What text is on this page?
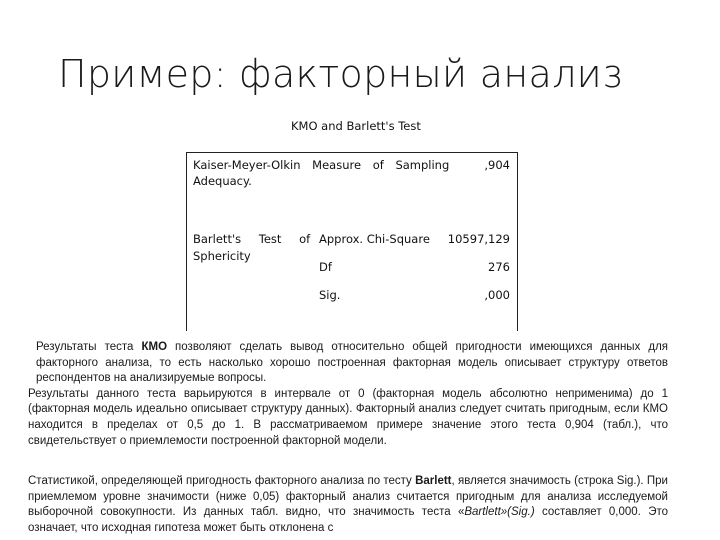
Пример: факторный анализ
KMO and Barlett's Test
Kaiser-Meyer-Olkin Measure of Sampling
Adequacy.
,904
Barlett's Test of
Sphericity
Approx. Chi-Square 10597,129
Df	276
Sig.	,000

Результаты теста КМО позволяют сделать вывод относительно общей пригодности имеющихся данных для факторного анализа, то есть насколько хорошо построенная факторная модель описывает структуру ответов респондентов на анализируемые вопросы.

Результаты данного теста варьируются в интервале от 0 (факторная модель абсолютно неприменима) до 1 (факторная модель идеально описывает структуру данных). Факторный анализ следует считать пригодным, если КМО находится в пределах от 0,5 до 1. В рассматриваемом примере значение этого теста 0,904 (табл.), что свидетельствует о приемлемости построенной факторной модели.

Статистикой, определяющей пригодность факторного анализа по тесту Barlett, является значимость (строка Sig.). При приемлемом уровне значимости (ниже 0,05) факторный анализ считается пригодным для анализа исследуемой выборочной совокупности. Из данных табл. видно, что значимость теста «Bartlett»(Sig.) составляет 0,000. Это означает, что исходная гипотеза может быть отклонена с
